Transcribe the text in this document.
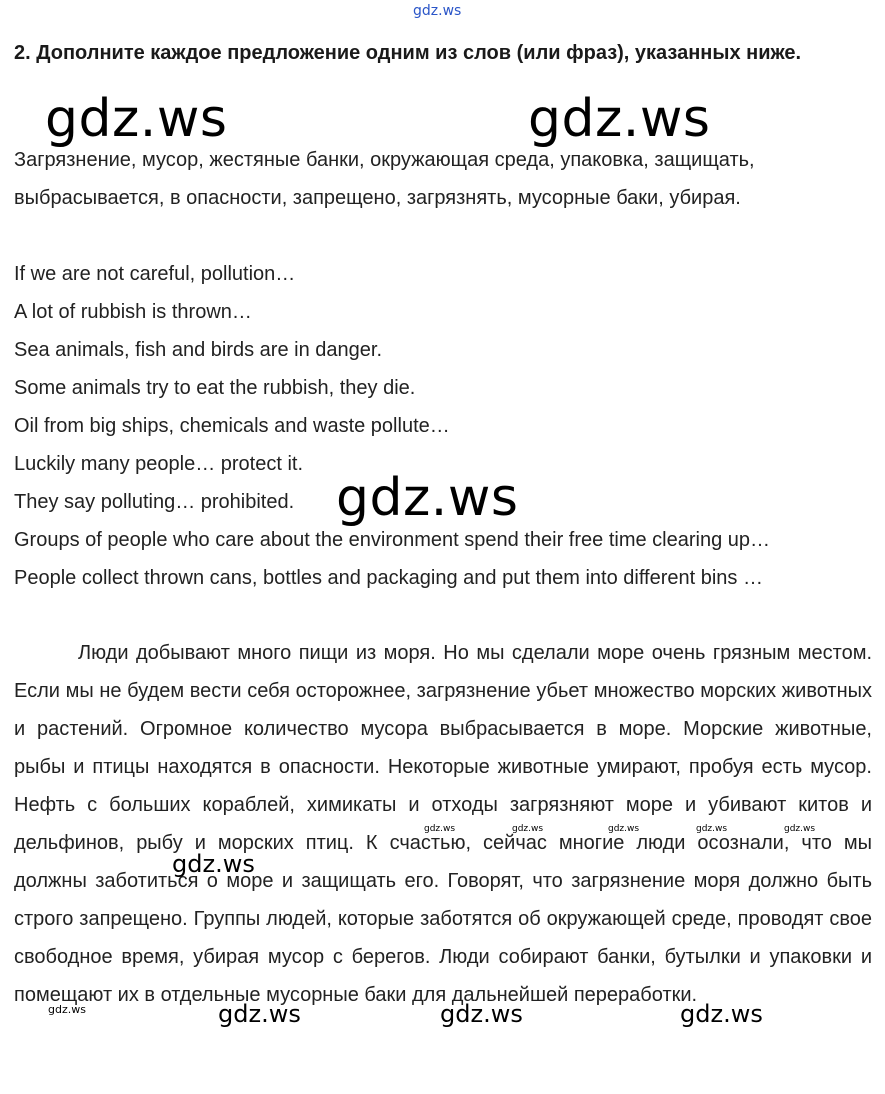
2. Дополните каждое предложение одним из слов (или фраз), указанных ниже.

Загрязнение, мусор, жестяные банки, окружающая среда, упаковка, защищать, выбрасывается, в опасности, запрещено, загрязнять, мусорные баки, убирая.

If we are not careful, pollution…
A lot of rubbish is thrown…
Sea animals, fish and birds are in danger.
Some animals try to eat the rubbish, they die.
Oil from big ships, chemicals and waste pollute…
Luckily many people… protect it.
They say polluting… prohibited.
Groups of people who care about the environment spend their free time clearing up…
People collect thrown cans, bottles and packaging and put them into different bins …

Люди добывают много пищи из моря. Но мы сделали море очень грязным местом. Если мы не будем вести себя осторожнее, загрязнение убьет множество морских животных и растений. Огромное количество мусора выбрасывается в море. Морские животные, рыбы и птицы находятся в опасности. Некоторые животные умирают, пробуя есть мусор. Нефть с больших кораблей, химикаты и отходы загрязняют море и убивают китов и дельфинов, рыбу и морских птиц. К счастью, сейчас многие люди осознали, что мы должны заботиться о море и защищать его. Говорят, что загрязнение моря должно быть строго запрещено. Группы людей, которые заботятся об окружающей среде, проводят свое свободное время, убирая мусор с берегов. Люди собирают банки, бутылки и упаковки и помещают их в отдельные мусорные баки для дальнейшей переработки.

gdz.ws
gdz.ws	gdz.ws
gdz.ws
gdz.ws
gdz.ws	gdz.ws	gdz.ws	gdz.ws	gdz.ws
gdz.ws	gdz.ws	gdz.ws	gdz.ws
